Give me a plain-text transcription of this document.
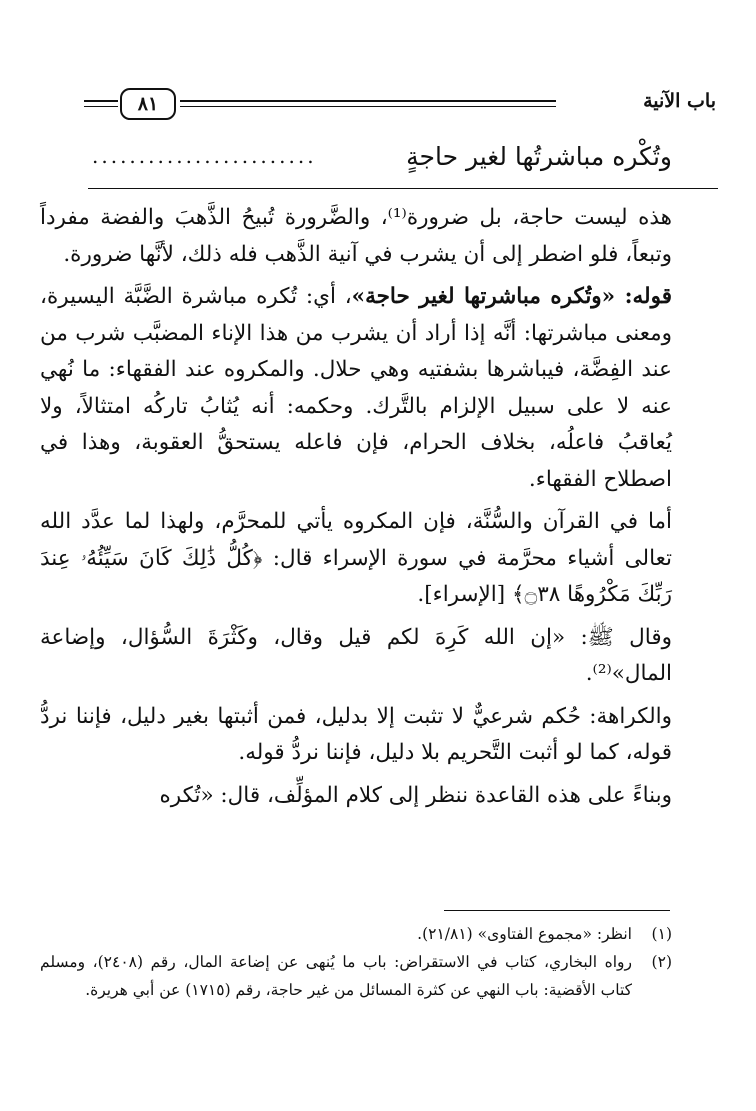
باب الآنية
٨١
وتُكْره مباشرتُها لغير حاجةٍ
........................

هذه ليست حاجة، بل ضرورة⁽¹⁾، والضَّرورة تُبيحُ الذَّهبَ والفضة مفرداً وتبعاً، فلو اضطر إلى أن يشرب في آنية الذَّهب فله ذلك، لأنَّها ضرورة.

قوله: «وتُكره مباشرتها لغير حاجة»، أي: تُكره مباشرة الضَّبَّة اليسيرة، ومعنى مباشرتها: أنَّه إذا أراد أن يشرب من هذا الإناء المضبَّب شرب من عند الفِضَّة، فيباشرها بشفتيه وهي حلال. والمكروه عند الفقهاء: ما نُهي عنه لا على سبيل الإلزام بالتَّرك. وحكمه: أنه يُثابُ تاركُه امتثالاً، ولا يُعاقبُ فاعلُه، بخلاف الحرام، فإن فاعله يستحقُّ العقوبة، وهذا في اصطلاح الفقهاء.

أما في القرآن والسُّنَّة، فإن المكروه يأتي للمحرَّم، ولهذا لما عدَّد الله تعالى أشياء محرَّمة في سورة الإسراء قال: ﴿كُلُّ ذَٰلِكَ كَانَ سَيِّئُهُۥ عِندَ رَبِّكَ مَكْرُوهًا ۝٣٨﴾ [الإسراء].

وقال ﷺ: «إن الله كَرِهَ لكم قيل وقال، وكَثْرَةَ السُّؤال، وإضاعة المال»⁽²⁾.

والكراهة: حُكم شرعيٌّ لا تثبت إلا بدليل، فمن أثبتها بغير دليل، فإننا نردُّ قوله، كما لو أثبت التَّحريم بلا دليل، فإننا نردُّ قوله.

وبناءً على هذه القاعدة ننظر إلى كلام المؤلِّف، قال: «تُكره

(١)
انظر: «مجموع الفتاوى» (٢١/٨١).
(٢)
رواه البخاري، كتاب في الاستقراض: باب ما يُنهى عن إضاعة المال، رقم (٢٤٠٨)، ومسلم كتاب الأقضية: باب النهي عن كثرة المسائل من غير حاجة، رقم (١٧١٥) عن أبي هريرة.
